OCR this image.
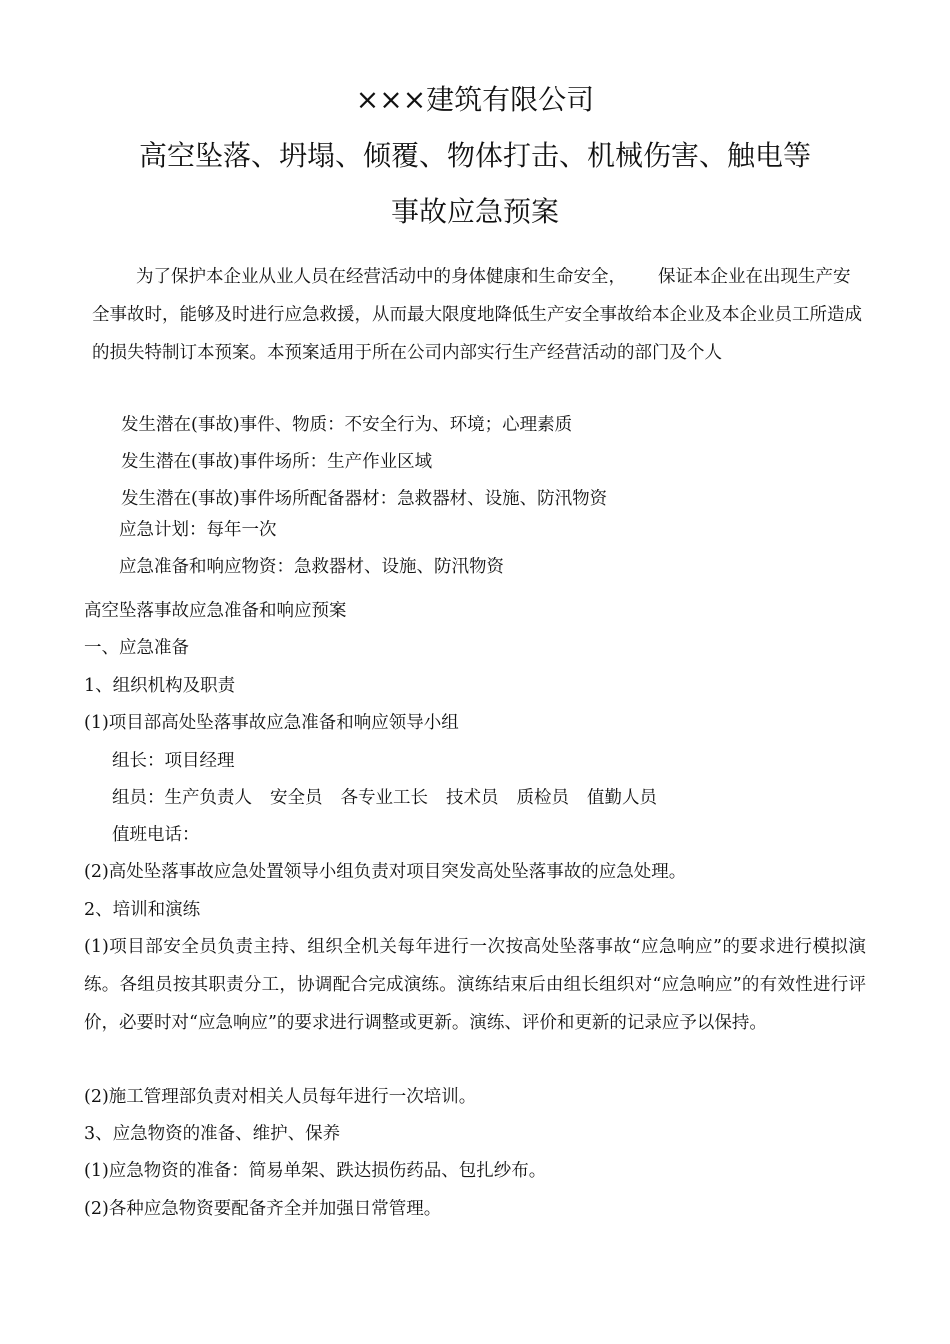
×××建筑有限公司
高空坠落、坍塌、倾覆、物体打击、机械伤害、触电等
事故应急预案

为了保护本企业从业人员在经营活动中的身体健康和生命安全， 保证本企业在出现生产安全事故时，能够及时进行应急救援，从而最大限度地降低生产安全事故给本企业及本企业员工所造成的损失特制订本预案。本预案适用于所在公司内部实行生产经营活动的部门及个人

发生潜在(事故)事件、物质：不安全行为、环境；心理素质

发生潜在(事故)事件场所：生产作业区域

发生潜在(事故)事件场所配备器材：急救器材、设施、防汛物资

应急计划：每年一次

应急准备和响应物资：急救器材、设施、防汛物资

高空坠落事故应急准备和响应预案

一、应急准备

1、组织机构及职责

(1)项目部高处坠落事故应急准备和响应领导小组

组长：项目经理

组员：生产负责人 安全员 各专业工长 技术员 质检员 值勤人员

值班电话：

(2)高处坠落事故应急处置领导小组负责对项目突发高处坠落事故的应急处理。

2、培训和演练

(1)项目部安全员负责主持、组织全机关每年进行一次按高处坠落事故“应急响应”的要求进行模拟演练。各组员按其职责分工，协调配合完成演练。演练结束后由组长组织对“应急响应”的有效性进行评价，必要时对“应急响应”的要求进行调整或更新。演练、评价和更新的记录应予以保持。

(2)施工管理部负责对相关人员每年进行一次培训。

3、应急物资的准备、维护、保养

(1)应急物资的准备：简易单架、跌达损伤药品、包扎纱布。

(2)各种应急物资要配备齐全并加强日常管理。
